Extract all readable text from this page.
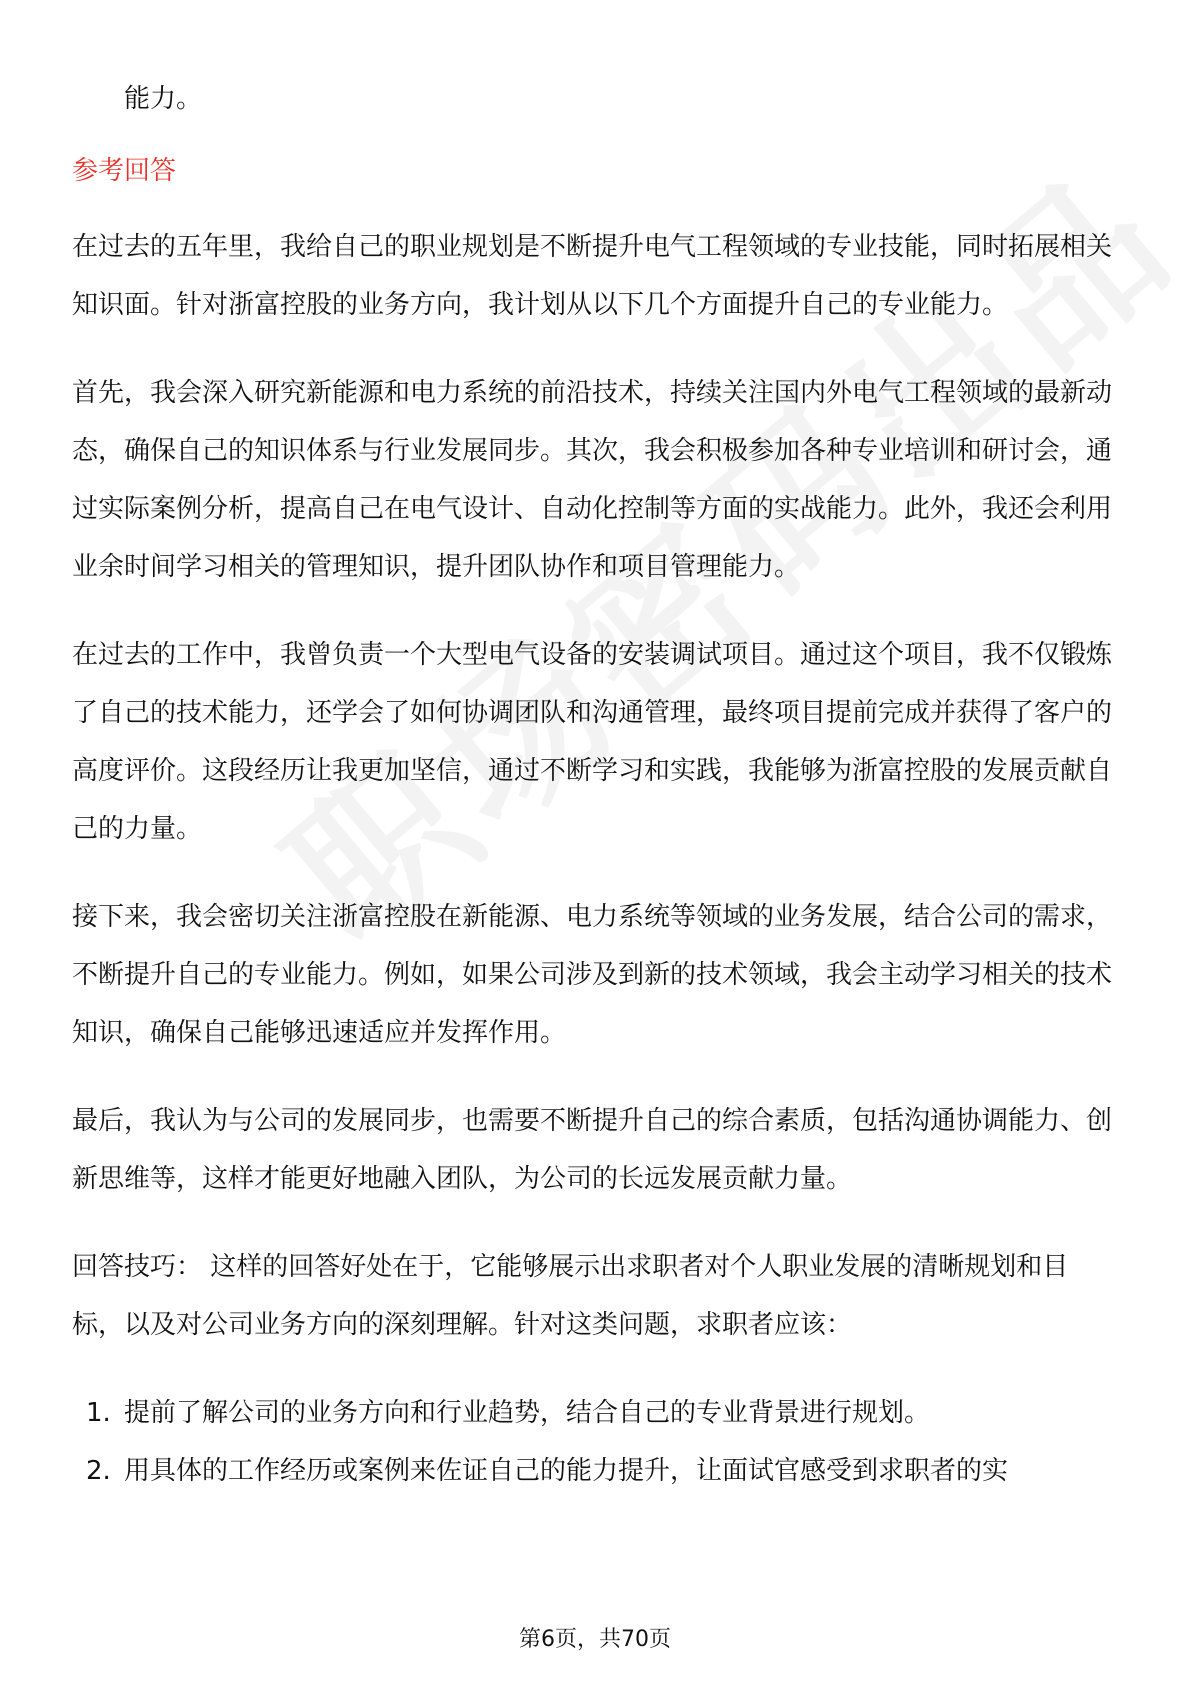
能力。

参考回答

在过去的五年里，我给自己的职业规划是不断提升电气工程领域的专业技能，同时拓展相关知识面。针对浙富控股的业务方向，我计划从以下几个方面提升自己的专业能力。

首先，我会深入研究新能源和电力系统的前沿技术，持续关注国内外电气工程领域的最新动态，确保自己的知识体系与行业发展同步。其次，我会积极参加各种专业培训和研讨会，通过实际案例分析，提高自己在电气设计、自动化控制等方面的实战能力。此外，我还会利用业余时间学习相关的管理知识，提升团队协作和项目管理能力。

在过去的工作中，我曾负责一个大型电气设备的安装调试项目。通过这个项目，我不仅锻炼了自己的技术能力，还学会了如何协调团队和沟通管理，最终项目提前完成并获得了客户的高度评价。这段经历让我更加坚信，通过不断学习和实践，我能够为浙富控股的发展贡献自己的力量。

接下来，我会密切关注浙富控股在新能源、电力系统等领域的业务发展，结合公司的需求，不断提升自己的专业能力。例如，如果公司涉及到新的技术领域，我会主动学习相关的技术知识，确保自己能够迅速适应并发挥作用。

最后，我认为与公司的发展同步，也需要不断提升自己的综合素质，包括沟通协调能力、创新思维等，这样才能更好地融入团队，为公司的长远发展贡献力量。

回答技巧： 这样的回答好处在于，它能够展示出求职者对个人职业发展的清晰规划和目标，以及对公司业务方向的深刻理解。针对这类问题，求职者应该：

1. 提前了解公司的业务方向和行业趋势，结合自己的专业背景进行规划。
2. 用具体的工作经历或案例来佐证自己的能力提升，让面试官感受到求职者的实
第6页，共70页
